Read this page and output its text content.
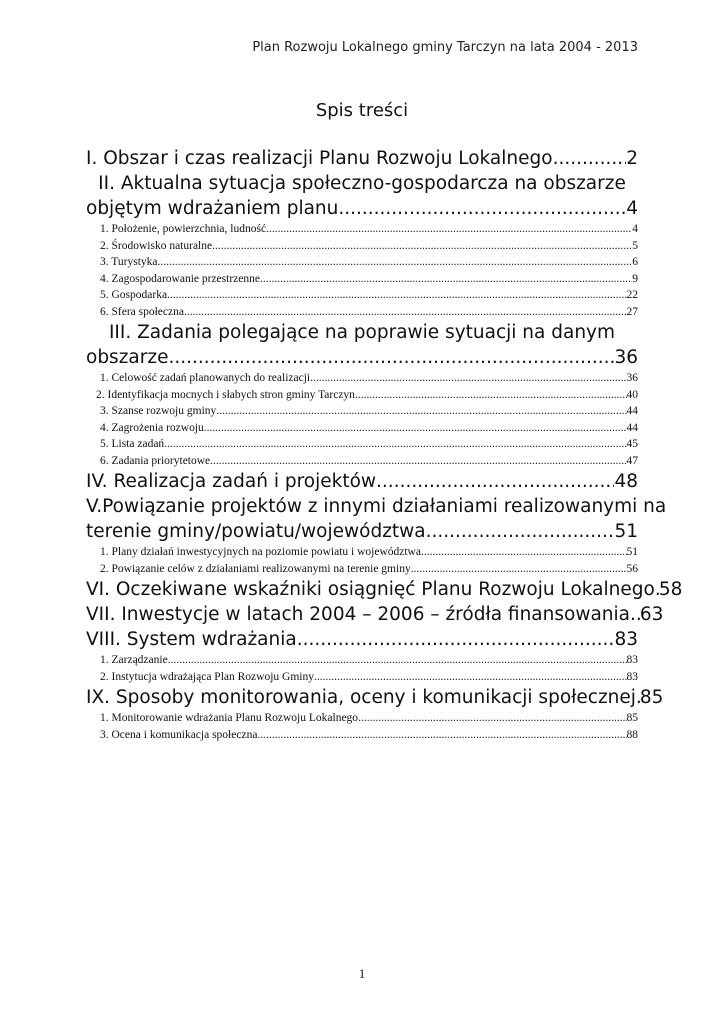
Plan Rozwoju Lokalnego gminy Tarczyn na lata 2004 - 2013
Spis treści
I. Obszar i czas realizacji Planu Rozwoju Lokalnego .....	2
II. Aktualna sytuacja społeczno-gospodarcza na obszarze
objętym wdrażaniem planu .....	4
1. Położenie, powierzchnia, ludność .....	4
2. Środowisko naturalne .....	5
3. Turystyka .....	6
4. Zagospodarowanie przestrzenne .....	9
5. Gospodarka .....	22
6. Sfera społeczna .....	27
III. Zadania polegające na poprawie sytuacji na danym
obszarze .....	36
1. Celowość zadań planowanych do realizacji .....	36
2. Identyfikacja mocnych i słabych stron gminy Tarczyn .....	40
3. Szanse rozwoju gminy .....	44
4. Zagrożenia rozwoju .....	44
5. Lista zadań .....	45
6. Zadania priorytetowe .....	47
IV. Realizacja zadań i projektów .....	48
V.Powiązanie projektów z innymi działaniami realizowanymi na
terenie gminy/powiatu/województwa .....	51
1. Plany działań inwestycyjnych na poziomie powiatu i województwa .....	51
2. Powiązanie celów z działaniami realizowanymi na terenie gminy .....	56
VI. Oczekiwane wskaźniki osiągnięć Planu Rozwoju Lokalnego ..... 58
VII. Inwestycje w latach 2004 – 2006 – źródła finansowania. ..... 63
VIII. System wdrażania .....	83
1. Zarządzanie .....	83
2. Instytucja wdrażająca Plan Rozwoju Gminy .....	83
IX. Sposoby monitorowania, oceny i komunikacji społecznej ..... 85
1. Monitorowanie wdrażania Planu Rozwoju Lokalnego .....	85
3. Ocena i komunikacja społeczna .....	88
1
